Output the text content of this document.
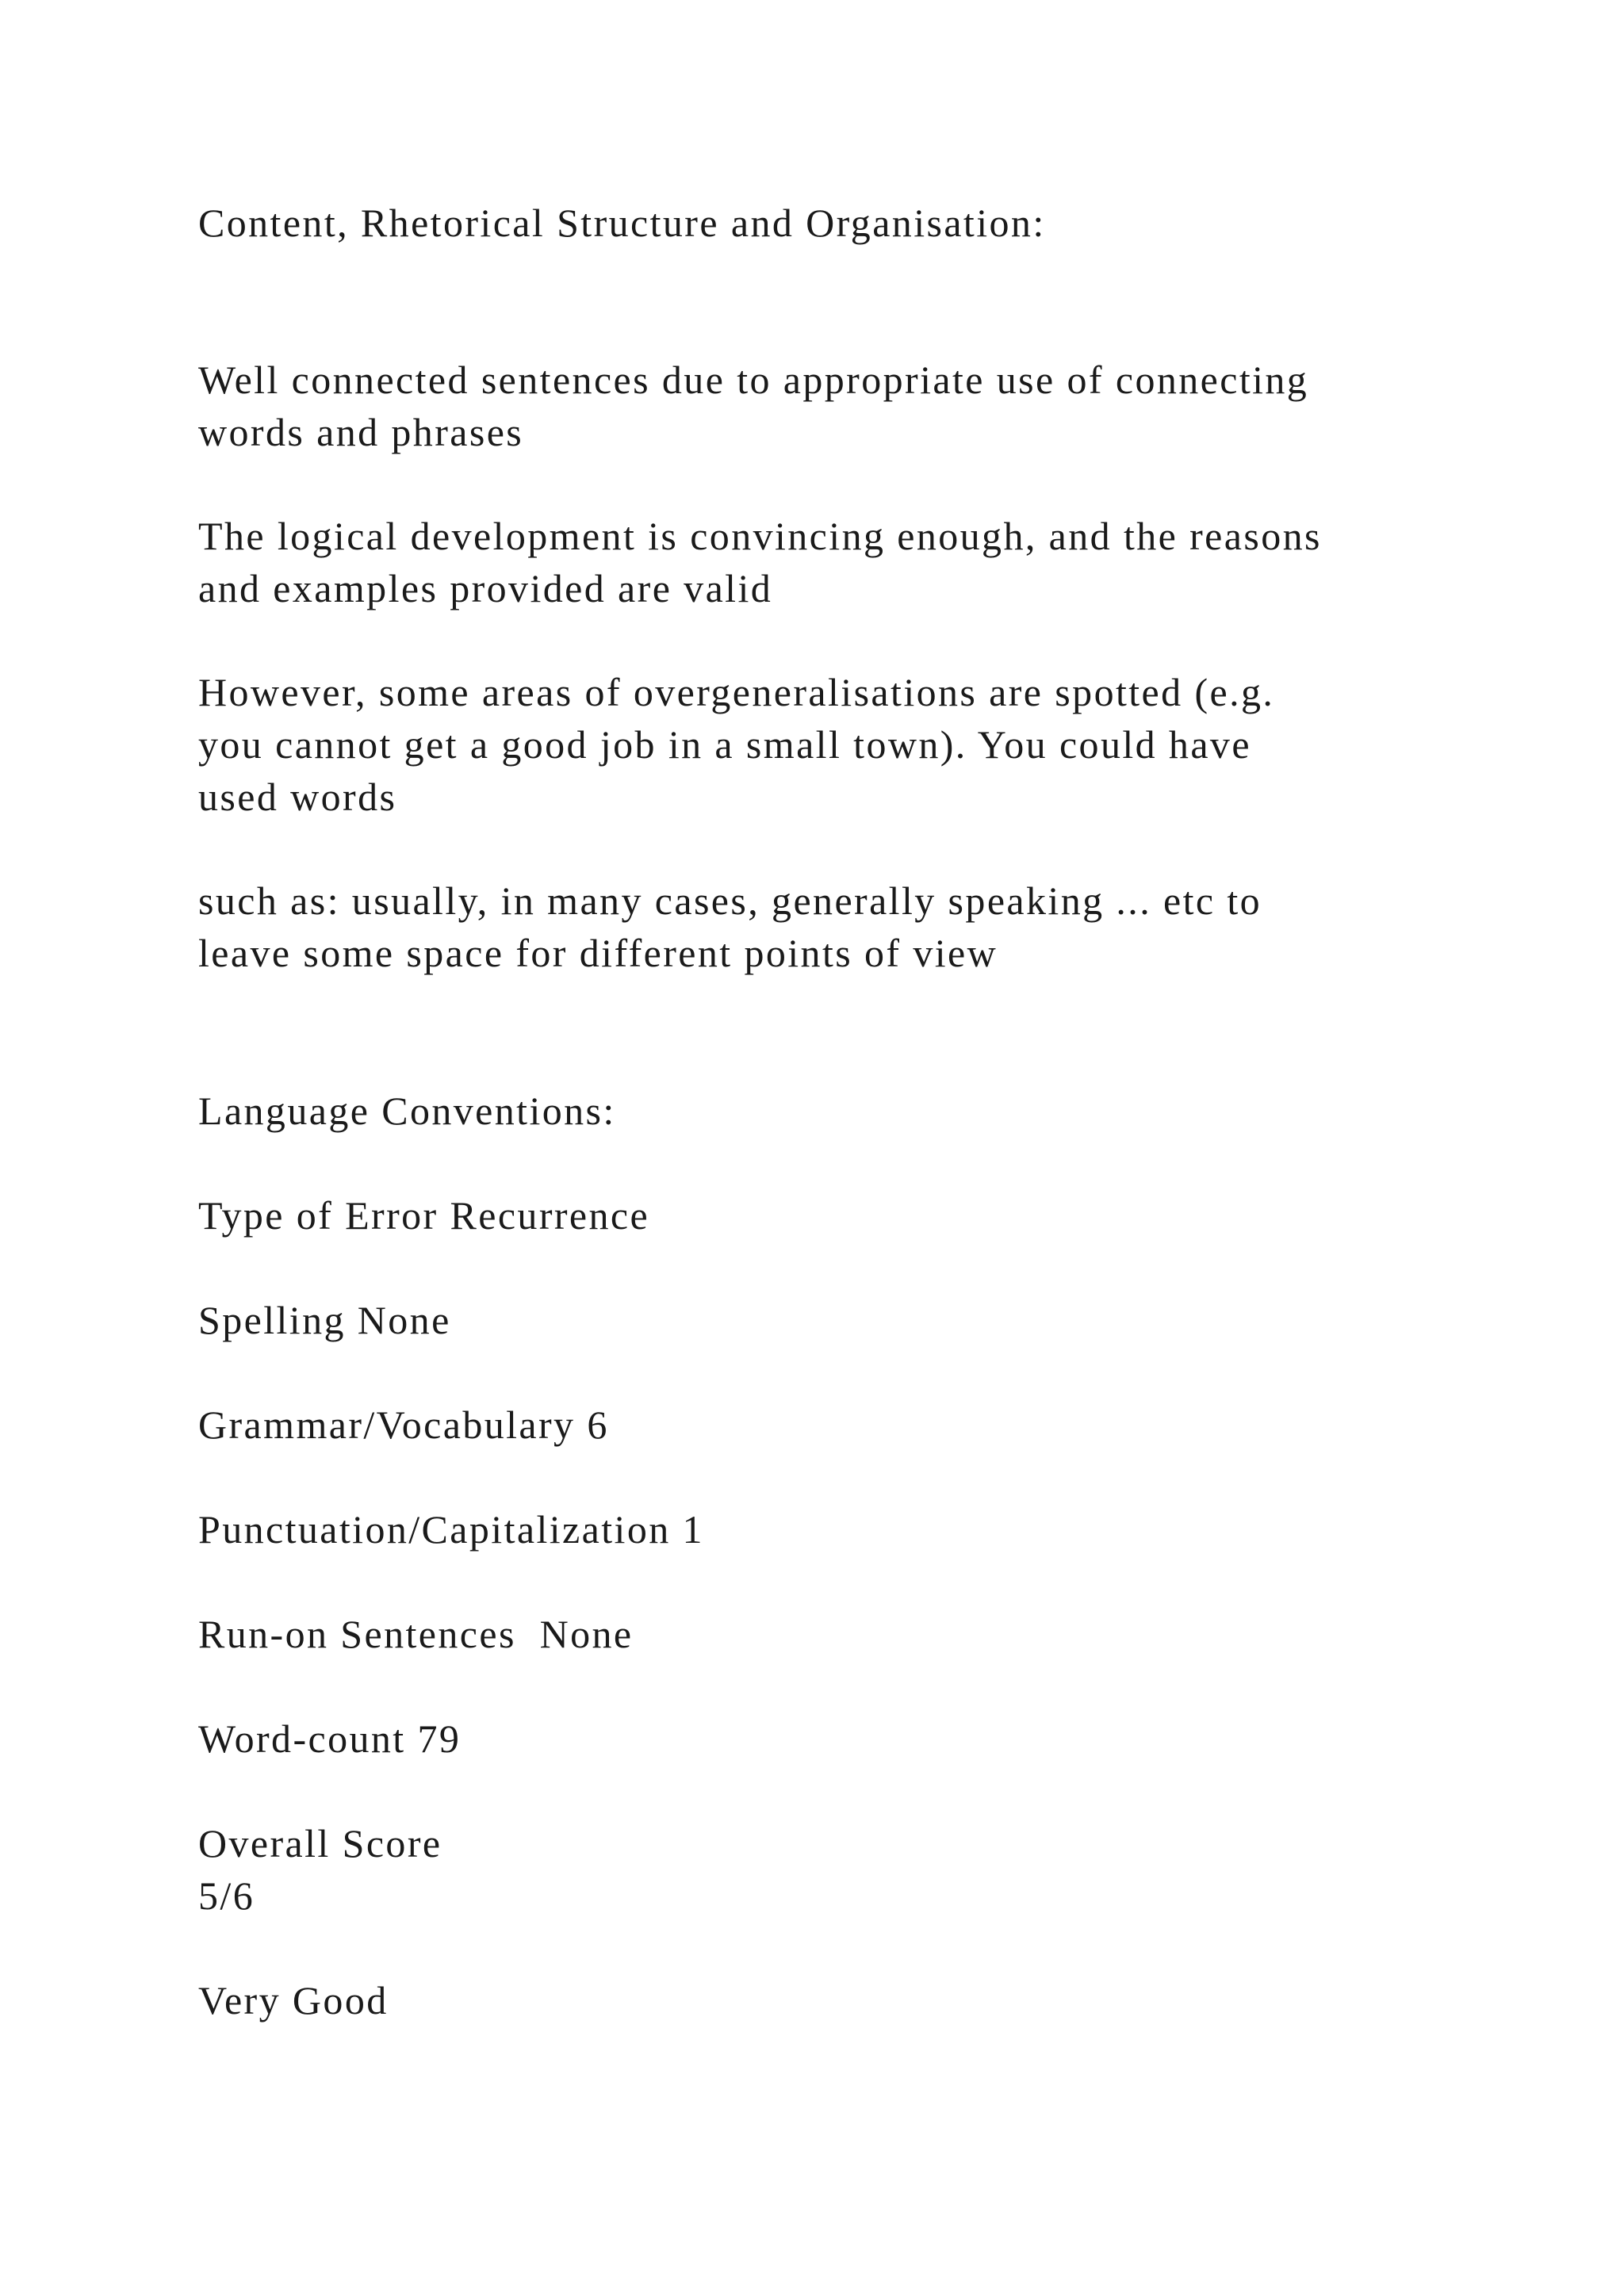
Content, Rhetorical Structure and Organisation:

Well connected sentences due to appropriate use of connecting
words and phrases

The logical development is convincing enough, and the reasons
and examples provided are valid

However, some areas of overgeneralisations are spotted (e.g.
you cannot get a good job in a small town). You could have
used words

such as: usually, in many cases, generally speaking ... etc to
leave some space for different points of view

Language Conventions:

Type of Error Recurrence

Spelling None

Grammar/Vocabulary 6

Punctuation/Capitalization 1

Run-on Sentences  None

Word-count 79

Overall Score
5/6

Very Good
